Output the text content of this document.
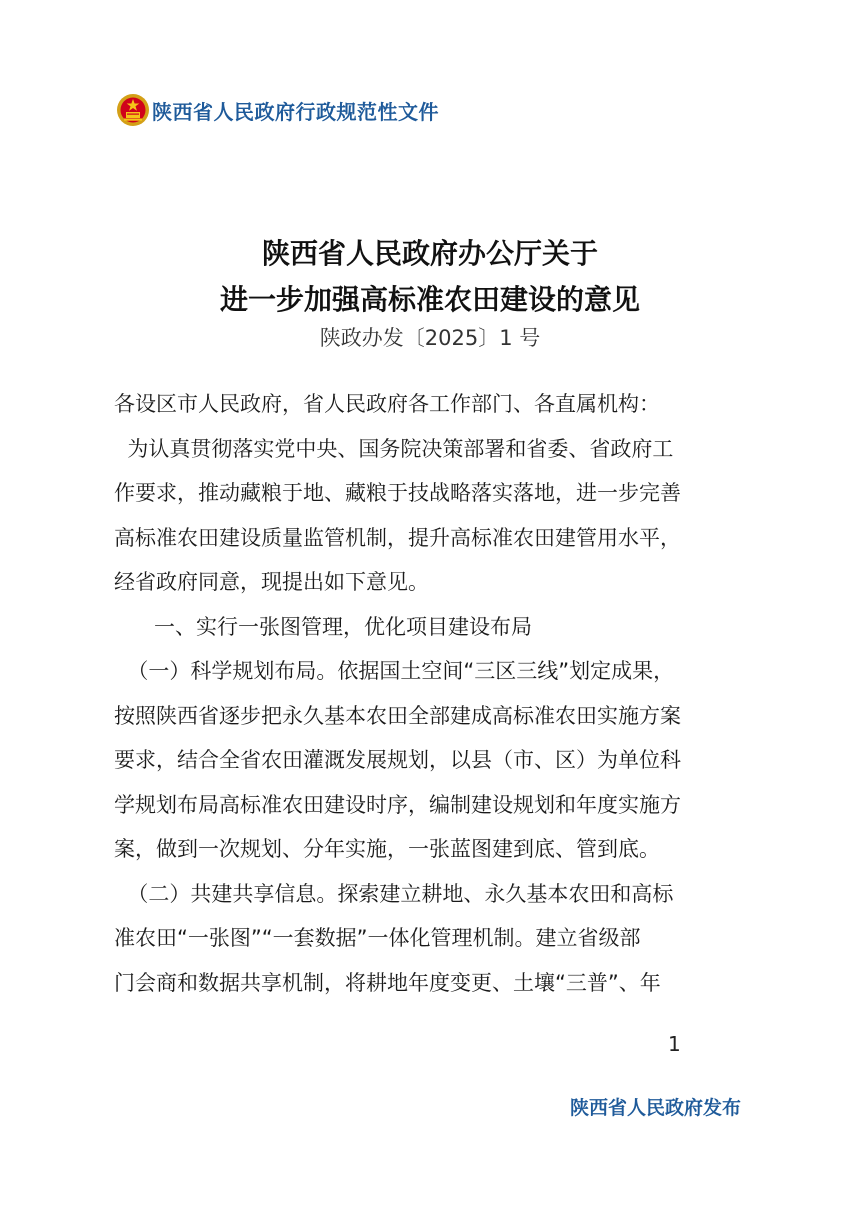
陕西省人民政府行政规范性文件
陕西省人民政府办公厅关于
进一步加强高标准农田建设的意见
陕政办发〔2025〕1 号
各设区市人民政府，省人民政府各工作部门、各直属机构：
为认真贯彻落实党中央、国务院决策部署和省委、省政府工
作要求，推动藏粮于地、藏粮于技战略落实落地，进一步完善
高标准农田建设质量监管机制，提升高标准农田建管用水平，
经省政府同意，现提出如下意见。
一、实行一张图管理，优化项目建设布局
（一）科学规划布局。依据国土空间“三区三线”划定成果，
按照陕西省逐步把永久基本农田全部建成高标准农田实施方案
要求，结合全省农田灌溉发展规划，以县（市、区）为单位科
学规划布局高标准农田建设时序，编制建设规划和年度实施方
案，做到一次规划、分年实施，一张蓝图建到底、管到底。
（二）共建共享信息。探索建立耕地、永久基本农田和高标
准农田“一张图”“一套数据”一体化管理机制。建立省级部
门会商和数据共享机制，将耕地年度变更、土壤“三普”、年
1
陕西省人民政府发布
